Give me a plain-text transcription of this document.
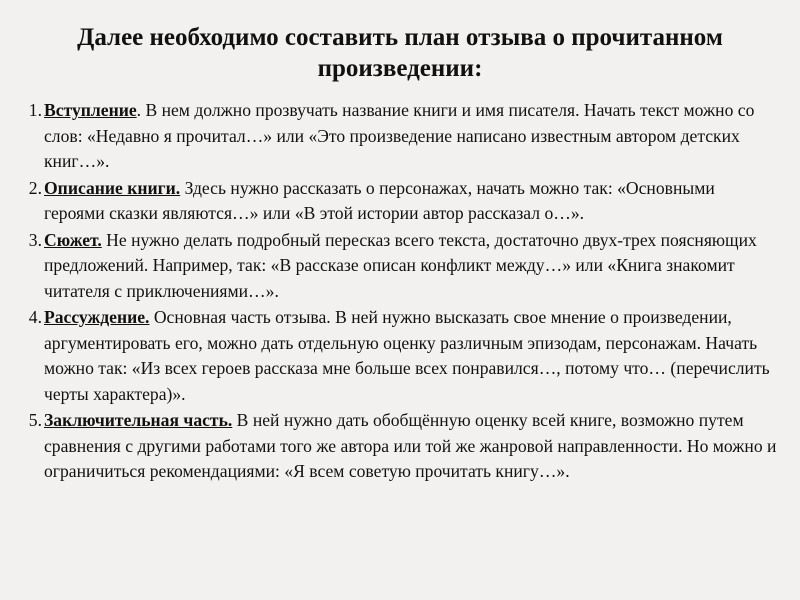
Далее необходимо составить план отзыва о прочитанном произведении:
1. Вступление. В нем должно прозвучать название книги и имя писателя. Начать текст можно со слов: «Недавно я прочитал…» или «Это произведение написано известным автором детских книг…».
2. Описание книги. Здесь нужно рассказать о персонажах, начать можно так: «Основными героями сказки являются…» или «В этой истории автор рассказал о…».
3. Сюжет. Не нужно делать подробный пересказ всего текста, достаточно двух-трех поясняющих предложений. Например, так: «В рассказе описан конфликт между…» или «Книга знакомит читателя с приключениями…».
4. Рассуждение. Основная часть отзыва. В ней нужно высказать свое мнение о произведении, аргументировать его, можно дать отдельную оценку различным эпизодам, персонажам. Начать можно так: «Из всех героев рассказа мне больше всех понравился…, потому что… (перечислить черты характера)».
5. Заключительная часть. В ней нужно дать обобщённую оценку всей книге, возможно путем сравнения с другими работами того же автора или той же жанровой направленности. Но можно и ограничиться рекомендациями: «Я всем советую прочитать книгу…».
